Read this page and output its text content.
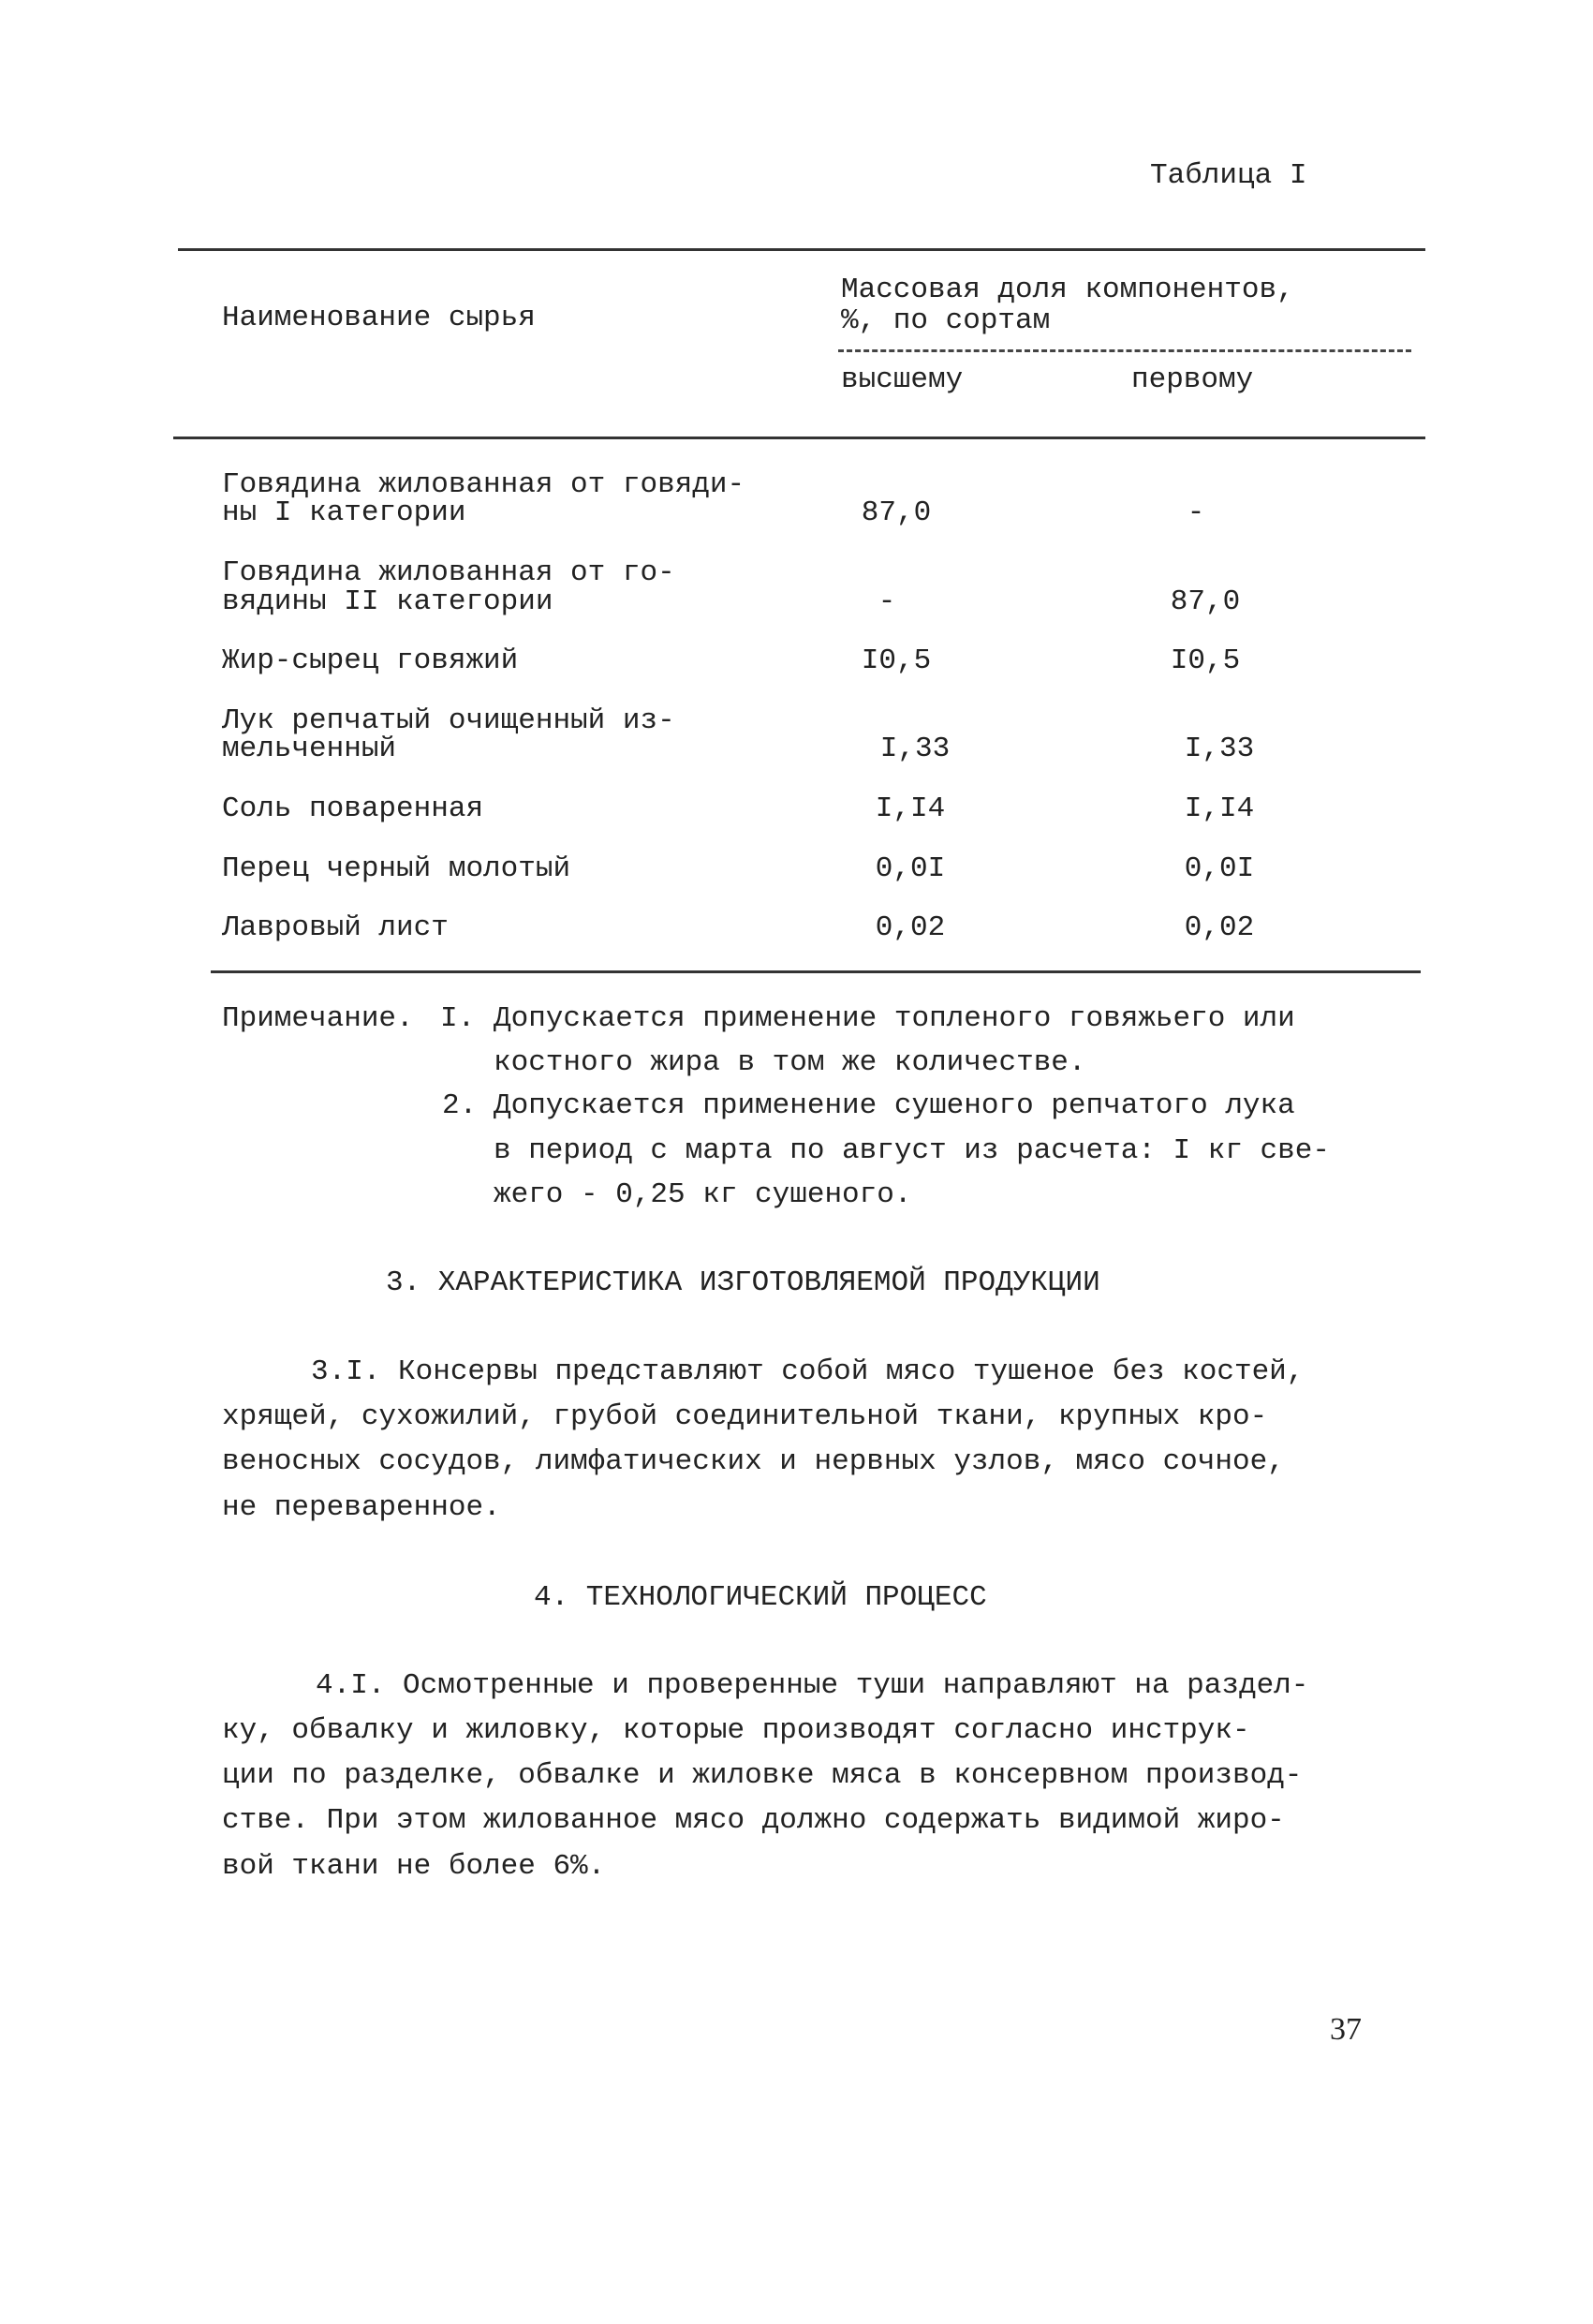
Таблица I
Наименование сырья
Массовая доля компонентов,
%, по сортам
высшему	первому
Говядина жилованная от говяди-
ны I категории	87,0	-
Говядина жилованная от го-
вядины II категории	-	87,0
Жир-сырец говяжий	I0,5	I0,5
Лук репчатый очищенный из-
мельченный	I,33	I,33
Соль поваренная	I,I4	I,I4
Перец черный молотый	0,0I	0,0I
Лавровый лист	0,02	0,02
Примечание. I. Допускается применение топленого говяжьего или
костного жира в том же количестве.
2. Допускается применение сушеного репчатого лука
в период с марта по август из расчета: I кг све-
жего - 0,25 кг сушеного.
3. ХАРАКТЕРИСТИКА ИЗГОТОВЛЯЕМОЙ ПРОДУКЦИИ
3.I. Консервы представляют собой мясо тушеное без костей,
хрящей, сухожилий, грубой соединительной ткани, крупных кро-
веносных сосудов, лимфатических и нервных узлов, мясо сочное,
не переваренное.
4. ТЕХНОЛОГИЧЕСКИЙ ПРОЦЕСС
4.I. Осмотренные и проверенные туши направляют на раздел-
ку, обвалку и жиловку, которые производят согласно инструк-
ции по разделке, обвалке и жиловке мяса в консервном производ-
стве. При этом жилованное мясо должно содержать видимой жиро-
вой ткани не более 6%.
37
